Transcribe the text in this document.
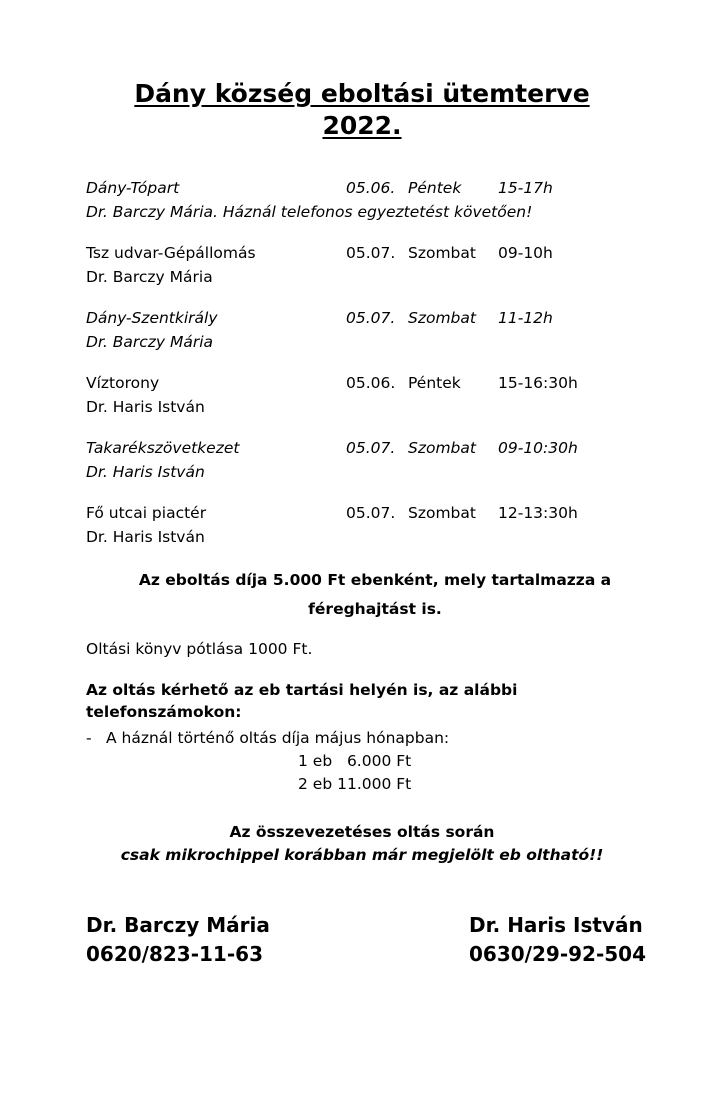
Dány község eboltási ütemterve
2022.
Dány-Tópart	05.06. Péntek	15-17h
Dr. Barczy Mária. Háznál telefonos egyeztetést követően!
Tsz udvar-Gépállomás	05.07. Szombat	09-10h
Dr. Barczy Mária
Dány-Szentkirály	05.07. Szombat	11-12h
Dr. Barczy Mária
Víztorony	05.06. Péntek	15-16:30h
Dr. Haris István
Takarékszövetkezet	05.07. Szombat	09-10:30h
Dr. Haris István
Fő utcai piactér	05.07. Szombat	12-13:30h
Dr. Haris István

Az eboltás díja 5.000 Ft ebenként, mely tartalmazza a

féreghajtást is.

Oltási könyv pótlása 1000 Ft.

Az oltás kérhető az eb tartási helyén is, az alábbi

telefonszámokon:

- A háznál történő oltás díja május hónapban:

1 eb   6.000 Ft

2 eb 11.000 Ft

Az összevezetéses oltás során
csak mikrochippel korábban már megjelölt eb oltható!!
Dr. Barczy Mária
0620/823-11-63
Dr. Haris István
0630/29-92-504
